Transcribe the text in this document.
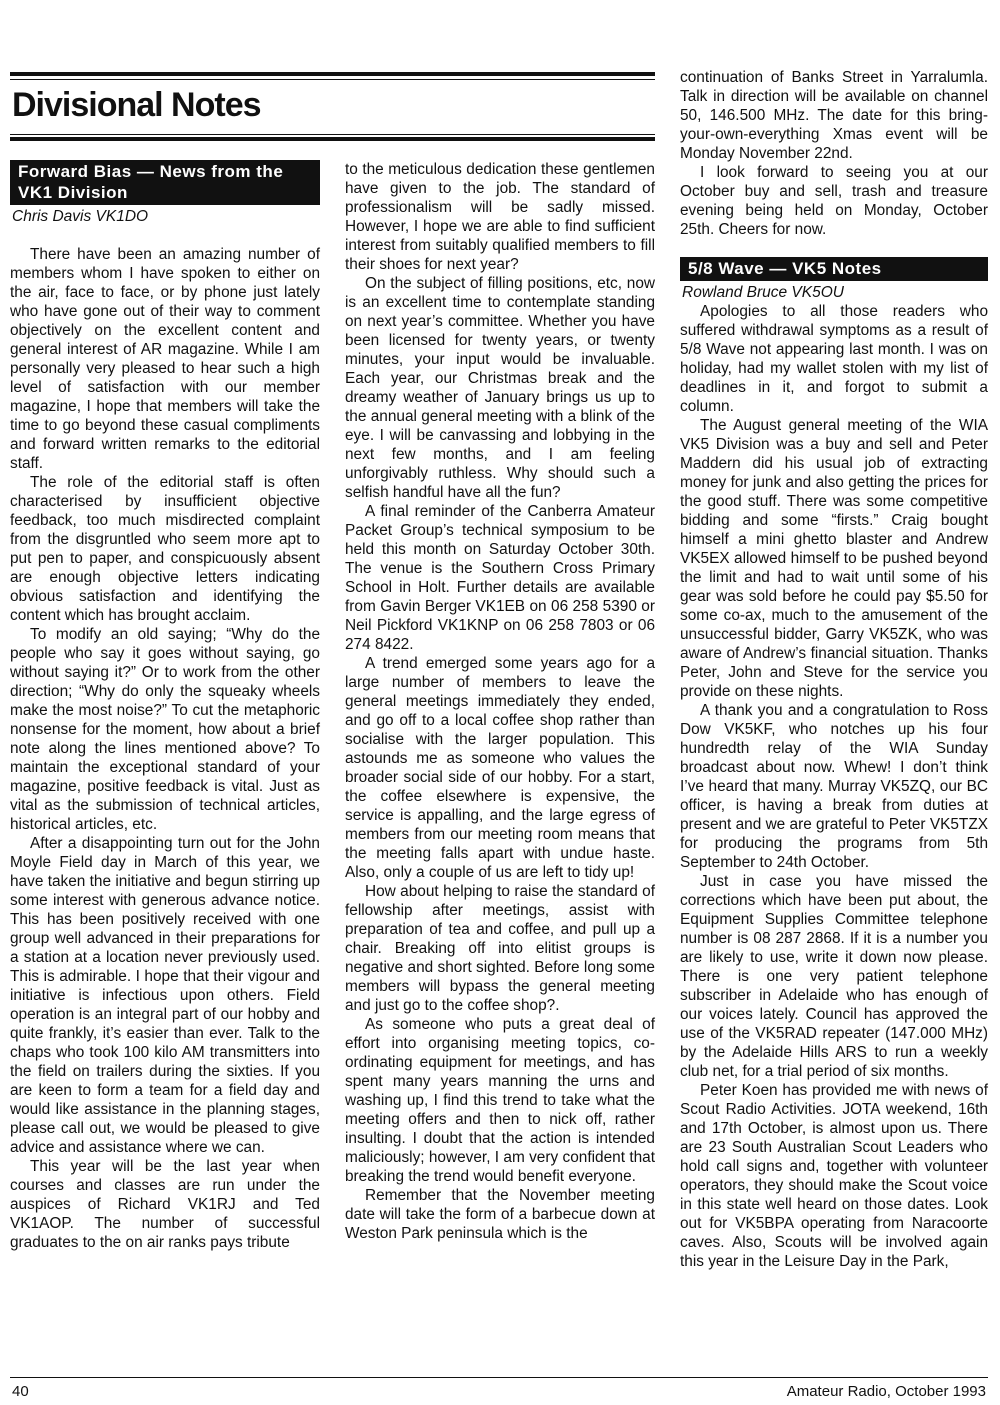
Divisional Notes
Forward Bias — News from the VK1 Division
Chris Davis VK1DO

There have been an amazing number of members whom I have spoken to either on the air, face to face, or by phone just lately who have gone out of their way to comment objectively on the excellent content and general interest of AR magazine. While I am personally very pleased to hear such a high level of satisfaction with our member magazine, I hope that members will take the time to go beyond these casual compliments and forward written remarks to the editorial staff.

The role of the editorial staff is often characterised by insufficient objective feedback, too much misdirected complaint from the disgruntled who seem more apt to put pen to paper, and conspicuously absent are enough objective letters indicating obvious satisfaction and identifying the content which has brought acclaim.

To modify an old saying; “Why do the people who say it goes without saying, go without saying it?” Or to work from the other direction; “Why do only the squeaky wheels make the most noise?” To cut the metaphoric nonsense for the moment, how about a brief note along the lines mentioned above? To maintain the exceptional standard of your magazine, positive feedback is vital. Just as vital as the submission of technical articles, historical articles, etc.

After a disappointing turn out for the John Moyle Field day in March of this year, we have taken the initiative and begun stirring up some interest with generous advance notice. This has been positively received with one group well advanced in their preparations for a station at a location never previously used. This is admirable. I hope that their vigour and initiative is infectious upon others. Field operation is an integral part of our hobby and quite frankly, it’s easier than ever. Talk to the chaps who took 100 kilo AM transmitters into the field on trailers during the sixties. If you are keen to form a team for a field day and would like assistance in the planning stages, please call out, we would be pleased to give advice and assistance where we can.

This year will be the last year when courses and classes are run under the auspices of Richard VK1RJ and Ted VK1AOP. The number of successful graduates to the on air ranks pays tribute

to the meticulous dedication these gentlemen have given to the job. The standard of professionalism will be sadly missed. However, I hope we are able to find sufficient interest from suitably qualified members to fill their shoes for next year?

On the subject of filling positions, etc, now is an excellent time to contemplate standing on next year’s committee. Whether you have been licensed for twenty years, or twenty minutes, your input would be invaluable. Each year, our Christmas break and the dreamy weather of January brings us up to the annual general meeting with a blink of the eye. I will be canvassing and lobbying in the next few months, and I am feeling unforgivably ruthless. Why should such a selfish handful have all the fun?

A final reminder of the Canberra Amateur Packet Group’s technical symposium to be held this month on Saturday October 30th. The venue is the Southern Cross Primary School in Holt. Further details are available from Gavin Berger VK1EB on 06 258 5390 or Neil Pickford VK1KNP on 06 258 7803 or 06 274 8422.

A trend emerged some years ago for a large number of members to leave the general meetings immediately they ended, and go off to a local coffee shop rather than socialise with the larger population. This astounds me as someone who values the broader social side of our hobby. For a start, the coffee elsewhere is expensive, the service is appalling, and the large egress of members from our meeting room means that the meeting falls apart with undue haste. Also, only a couple of us are left to tidy up!

How about helping to raise the standard of fellowship after meetings, assist with preparation of tea and coffee, and pull up a chair. Breaking off into elitist groups is negative and short sighted. Before long some members will bypass the general meeting and just go to the coffee shop?.

As someone who puts a great deal of effort into organising meeting topics, co-ordinating equipment for meetings, and has spent many years manning the urns and washing up, I find this trend to take what the meeting offers and then to nick off, rather insulting. I doubt that the action is intended maliciously; however, I am very confident that breaking the trend would benefit everyone.

Remember that the November meeting date will take the form of a barbecue down at Weston Park peninsula which is the

continuation of Banks Street in Yarralumla. Talk in direction will be available on channel 50, 146.500 MHz. The date for this bring-your-own-everything Xmas event will be Monday November 22nd.

I look forward to seeing you at our October buy and sell, trash and treasure evening being held on Monday, October 25th. Cheers for now.

5/8 Wave — VK5 Notes
Rowland Bruce VK5OU

Apologies to all those readers who suffered withdrawal symptoms as a result of 5/8 Wave not appearing last month. I was on holiday, had my wallet stolen with my list of deadlines in it, and forgot to submit a column.

The August general meeting of the WIA VK5 Division was a buy and sell and Peter Maddern did his usual job of extracting money for junk and also getting the prices for the good stuff. There was some competitive bidding and some “firsts.” Craig bought himself a mini ghetto blaster and Andrew VK5EX allowed himself to be pushed beyond the limit and had to wait until some of his gear was sold before he could pay $5.50 for some co-ax, much to the amusement of the unsuccessful bidder, Garry VK5ZK, who was aware of Andrew’s financial situation. Thanks Peter, John and Steve for the service you provide on these nights.

A thank you and a congratulation to Ross Dow VK5KF, who notches up his four hundredth relay of the WIA Sunday broadcast about now. Whew! I don’t think I’ve heard that many. Murray VK5ZQ, our BC officer, is having a break from duties at present and we are grateful to Peter VK5TZX for producing the programs from 5th September to 24th October.

Just in case you have missed the corrections which have been put about, the Equipment Supplies Committee telephone number is 08 287 2868. If it is a number you are likely to use, write it down now please. There is one very patient telephone subscriber in Adelaide who has enough of our voices lately. Council has approved the use of the VK5RAD repeater (147.000 MHz) by the Adelaide Hills ARS to run a weekly club net, for a trial period of six months.

Peter Koen has provided me with news of Scout Radio Activities. JOTA weekend, 16th and 17th October, is almost upon us. There are 23 South Australian Scout Leaders who hold call signs and, together with volunteer operators, they should make the Scout voice in this state well heard on those dates. Look out for VK5BPA operating from Naracoorte caves. Also, Scouts will be involved again this year in the Leisure Day in the Park,

40	Amateur Radio, October 1993
